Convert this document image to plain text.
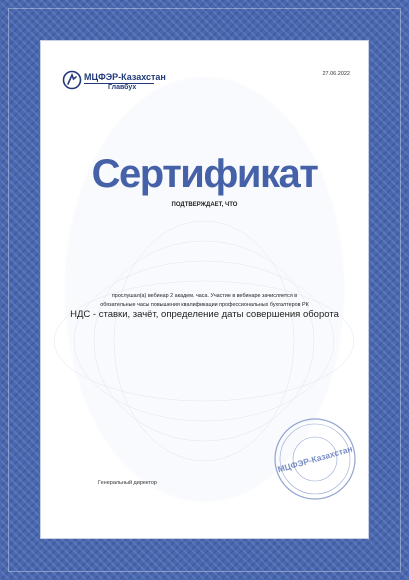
МЦФЭР-Казахстан
Главбух
27.06.2022
Сертификат
ПОДТВЕРЖДАЕТ, ЧТО
прослушал(а) вебинар 2 академ. часа. Участие в вебинаре зачисляется в
обязательные часы повышения квалификации профессиональных бухгалтеров РК
НДС - ставки, зачёт, определение даты совершения оборота
Генеральный директор
МЦФЭР-Казахстан
